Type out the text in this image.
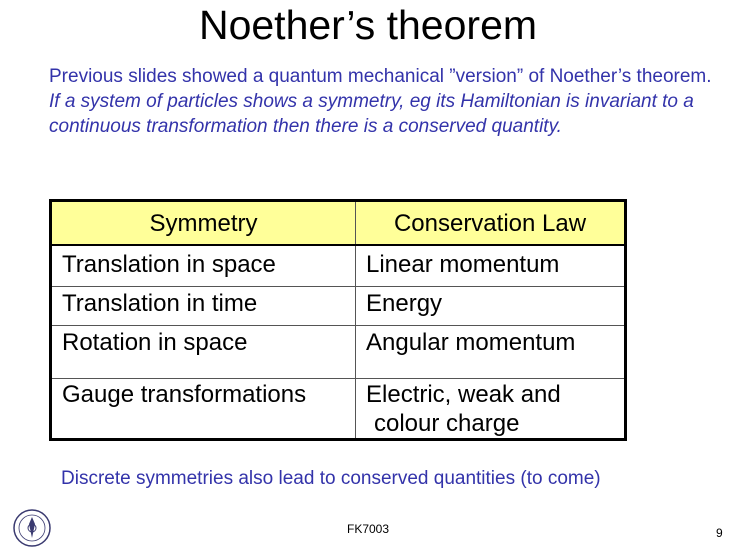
Noether’s theorem
Previous slides showed a quantum mechanical ”version” of Noether’s theorem.
If a system of particles shows a symmetry, eg its Hamiltonian is invariant to a continuous transformation then there is a conserved quantity.
Symmetry	Conservation Law
Translation in space	Linear momentum
Translation in time	Energy
Rotation in space	Angular momentum
Gauge transformations	Electric, weak and
colour charge
Discrete symmetries also lead to conserved quantities (to come)
FK7003	9
